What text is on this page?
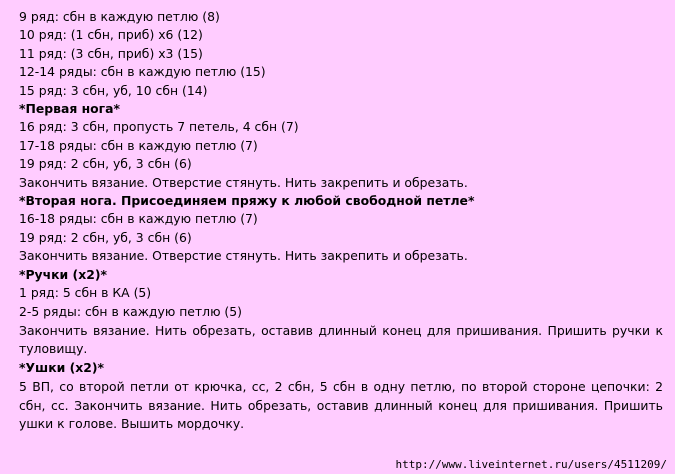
9 ряд: сбн в каждую петлю (8)
10 ряд: (1 сбн, приб) х6 (12)
11 ряд: (3 сбн, приб) х3 (15)
12-14 ряды: сбн в каждую петлю (15)
15 ряд: 3 сбн, уб, 10 сбн (14)
*Первая нога*
16 ряд: 3 сбн, пропусть 7 петель, 4 сбн (7)
17-18 ряды: сбн в каждую петлю (7)
19 ряд: 2 сбн, уб, 3 сбн (6)
Закончить вязание. Отверстие стянуть. Нить закрепить и обрезать.
*Вторая нога. Присоединяем пряжу к любой свободной петле*
16-18 ряды: сбн в каждую петлю (7)
19 ряд: 2 сбн, уб, 3 сбн (6)
Закончить вязание. Отверстие стянуть. Нить закрепить и обрезать.
*Ручки (х2)*
1 ряд: 5 сбн в КА (5)
2-5 ряды: сбн в каждую петлю (5)
Закончить вязание. Нить обрезать, оставив длинный конец для пришивания. Пришить ручки к туловищу.
*Ушки (х2)*
5 ВП, со второй петли от крючка, сс, 2 сбн, 5 сбн в одну петлю, по второй стороне цепочки: 2 сбн, сс. Закончить вязание. Нить обрезать, оставив длинный конец для пришивания. Пришить ушки к голове. Вышить мордочку.
http://www.liveinternet.ru/users/4511209/
